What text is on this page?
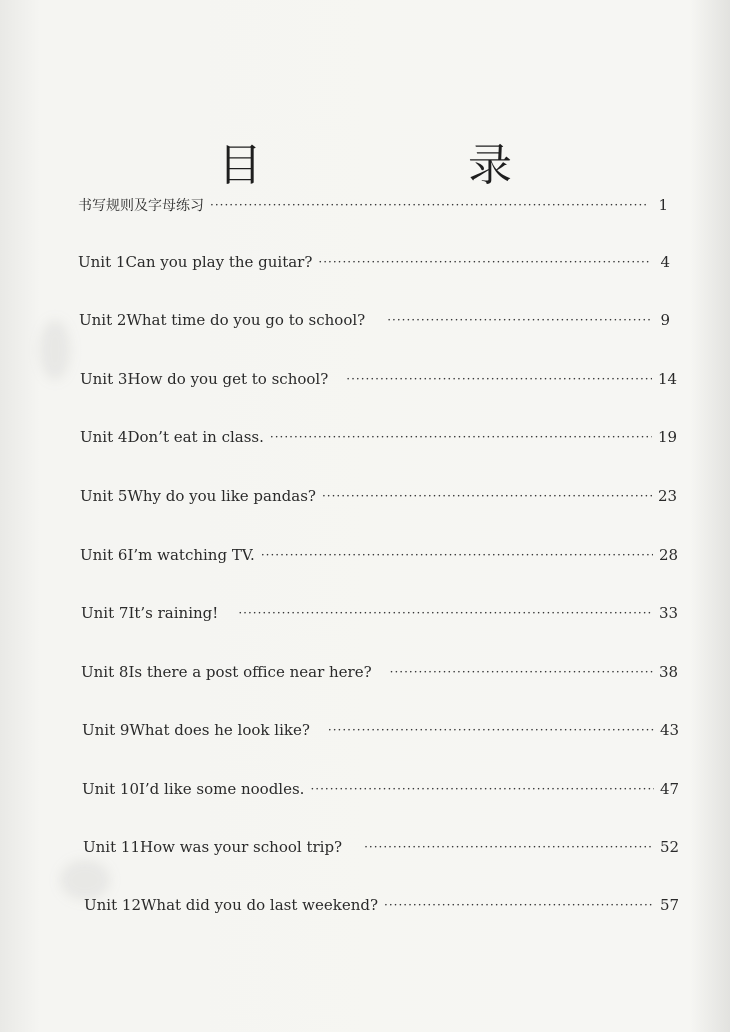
目 录
书写规则及字母练习 ·····	1
Unit 1 Can you play the guitar? ·····	4
Unit 2 What time do you go to school? ·····	9
Unit 3 How do you get to school? ·····	14
Unit 4 Don’t eat in class. ·····	19
Unit 5 Why do you like pandas? ·····	23
Unit 6 I’m watching TV. ·····	28
Unit 7 It’s raining! ·····	33
Unit 8 Is there a post office near here? ·····	38
Unit 9 What does he look like? ·····	43
Unit 10 I’d like some noodles. ·····	47
Unit 11 How was your school trip? ·····	52
Unit 12 What did you do last weekend? ·····	57
